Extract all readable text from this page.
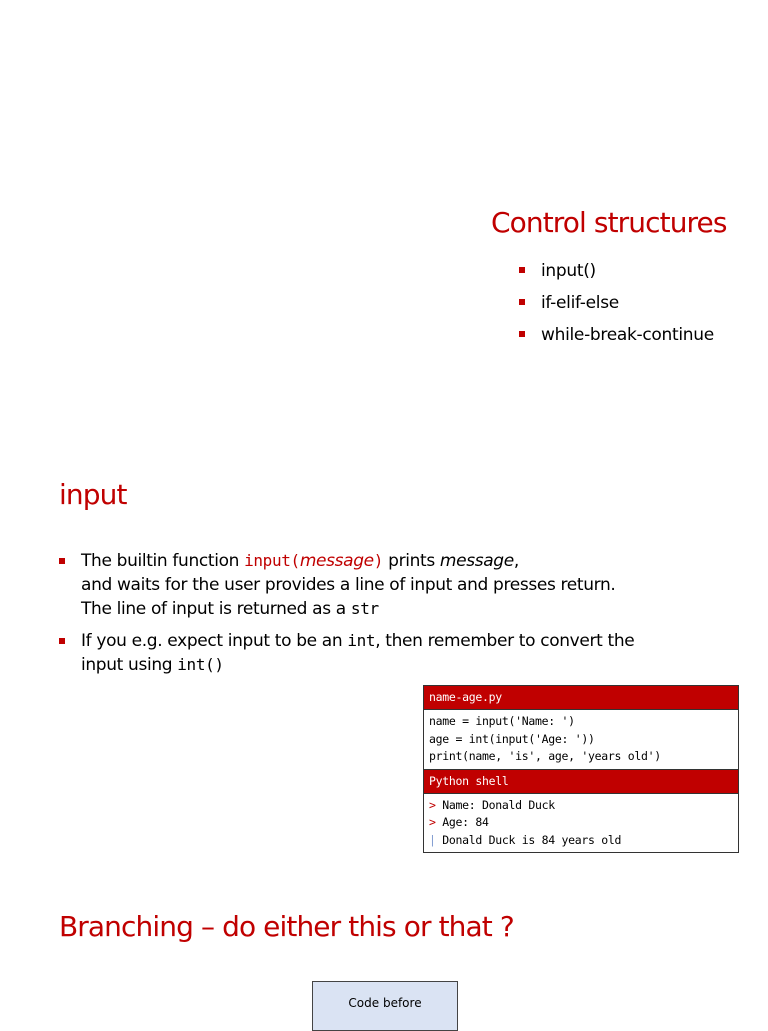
Control structures
input()
if-elif-else
while-break-continue
input
The builtin function input(message) prints message,
and waits for the user provides a line of input and presses return.
The line of input is returned as a str
If you e.g. expect input to be an int, then remember to convert the
input using int()
name-age.py
name = input('Name: ')
age = int(input('Age: '))
print(name, 'is', age, 'years old')
Python shell
> Name: Donald Duck
> Age: 84
| Donald Duck is 84 years old
Branching – do either this or that ?
Code before
